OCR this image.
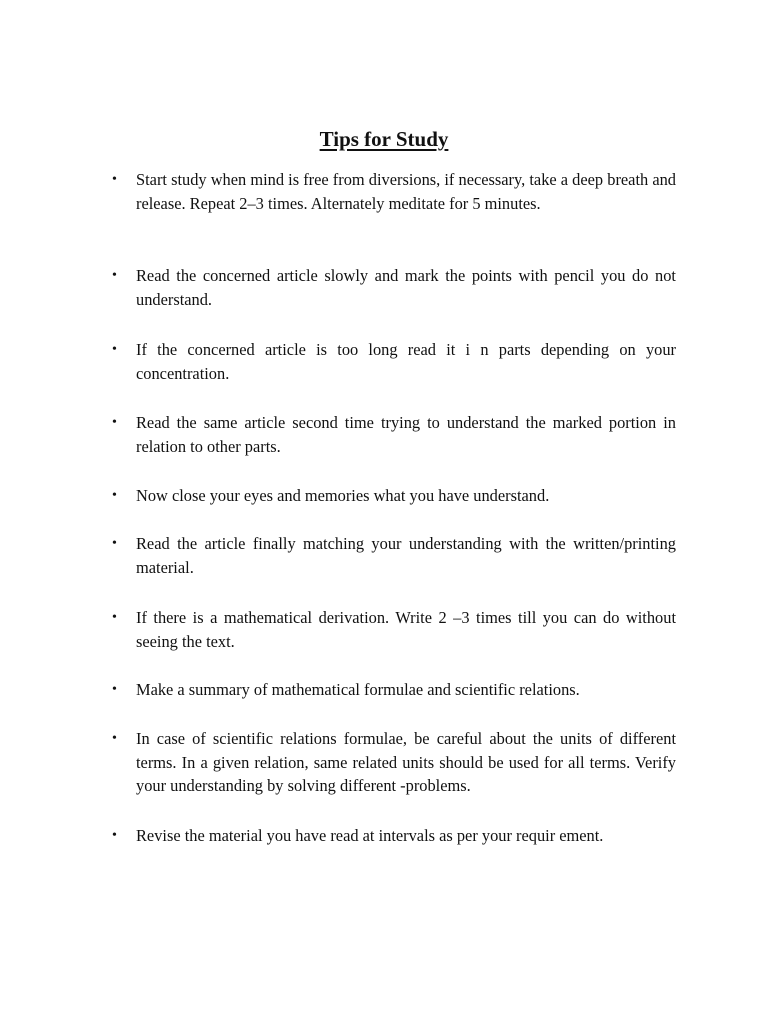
Tips for Study
•	Start study when mind is free from diversions, if necessary, take a deep breath and release. Repeat 2–3 times. Alternately meditate for 5 minutes.
•	Read the concerned article slowly and mark the points with pencil you do not understand.
•	If the concerned article is too long read it i n parts depending on your concentration.
•	Read the same article second time trying to understand the marked portion in relation to other parts.
•	Now close your eyes and memories what you have understand.
•	Read the article finally matching your understanding with the written/printing material.
•	If there is a mathematical derivation. Write 2 –3 times till you can do without seeing the text.
•	Make a summary of mathematical formulae and scientific relations.
•	In case of scientific relations formulae, be careful about the units of different terms. In a given relation, same related units should be used for all terms. Verify your understanding by solving different -problems.
•	Revise the material you have read at intervals as per your requir ement.
